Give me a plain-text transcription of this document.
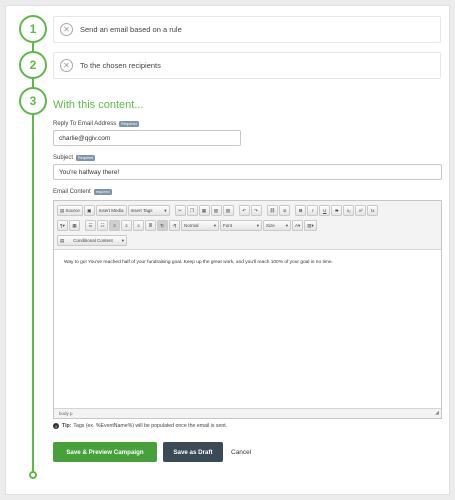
1	✕	Send an email based on a rule
2	✕	To the chosen recipients
3 With this content...
Reply To Email Address	Required
charlie@qgiv.com
Subject	Required
You're halfway there!
Email Content	required
▤ Source ▣ Insert Media Insert Tags	▾	✂ ❐ ▦ ▧ ▨	↶ ↷	⛓ ⊘	B I U S x₂ x² Ix
¶▾ ▦	☰ ☷ ≡ ≡ ≡ ≣ ¶› ‹¶ Normal	▾ Font	▾ Size ▾ A▾ ▨▾
▤ Conditional Content ▾
Way to go! You've reached half of your fundraising goal. Keep up the great work, and you'll reach 100% of your goal in no time.
body p	◢
i	Tip: Tags (ex. %EventName%) will be populated once the email is sent.
Save & Preview Campaign	Save as Draft	Cancel
